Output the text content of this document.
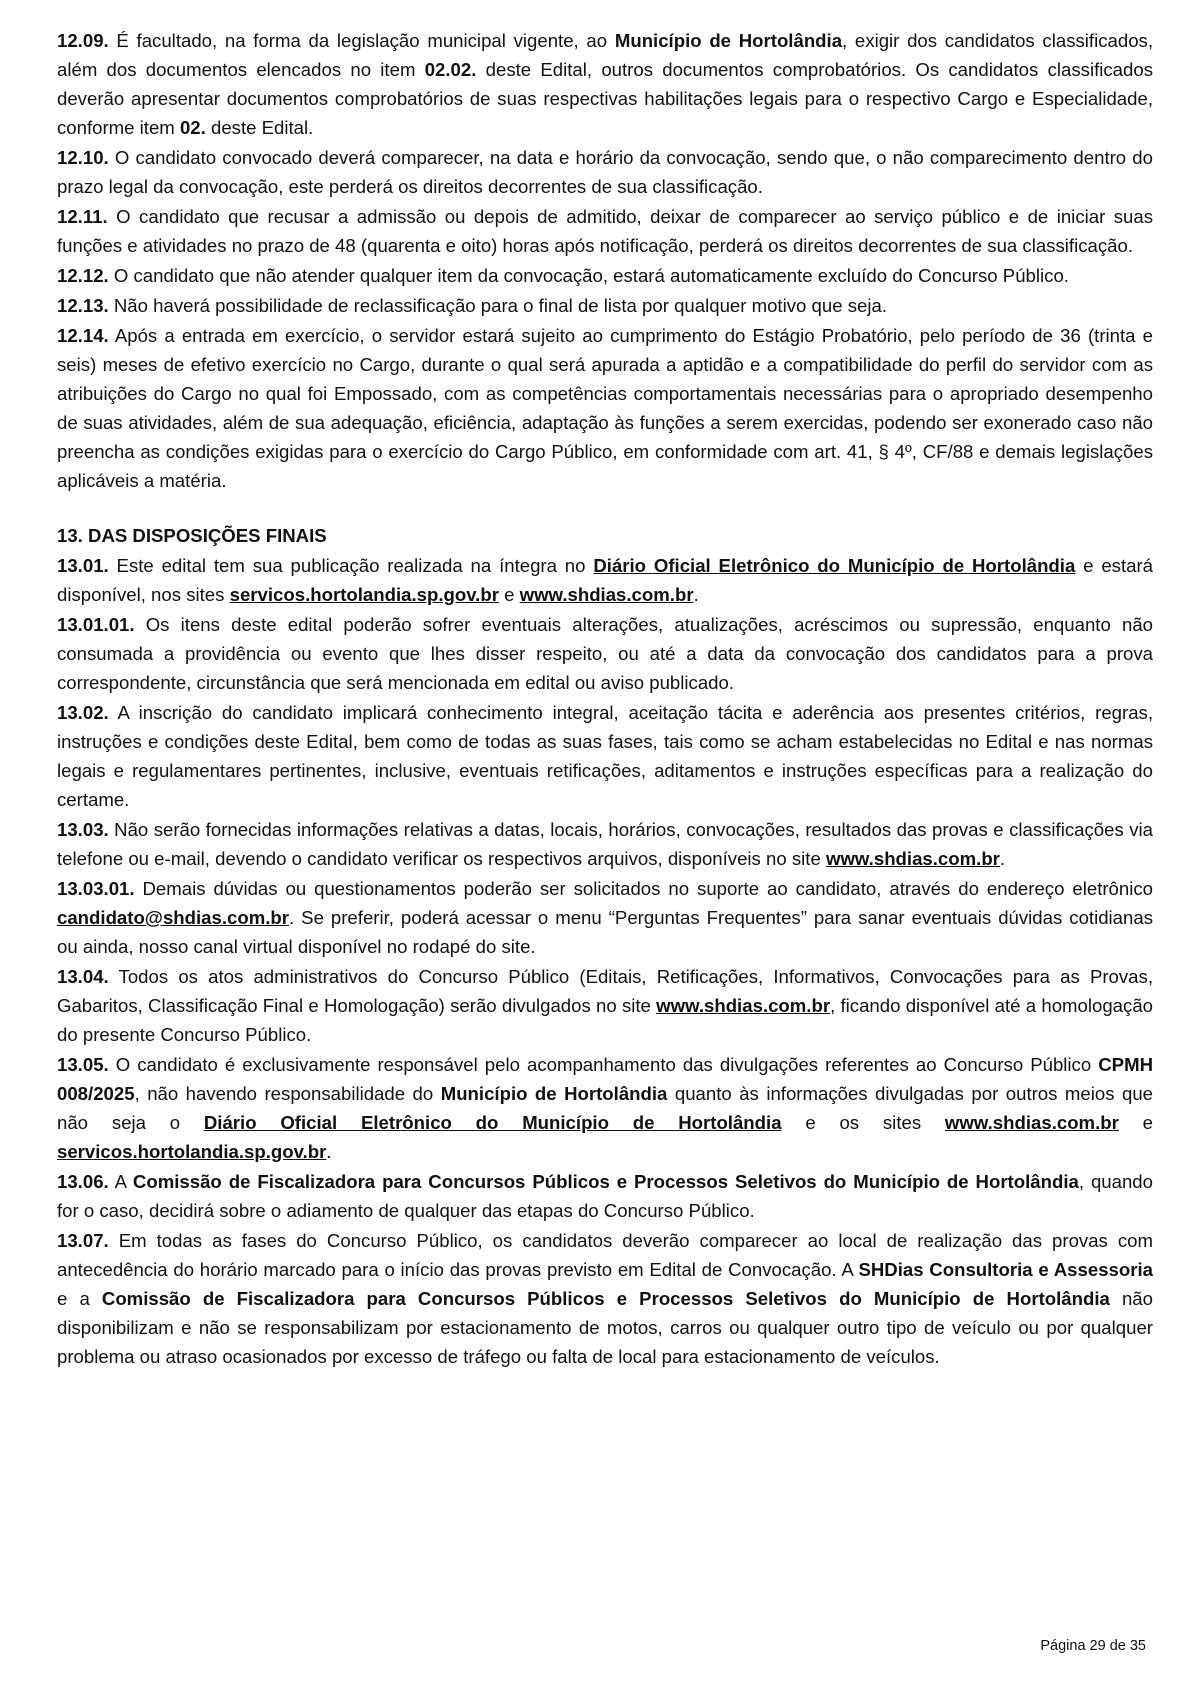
12.09. É facultado, na forma da legislação municipal vigente, ao Município de Hortolândia, exigir dos candidatos classificados, além dos documentos elencados no item 02.02. deste Edital, outros documentos comprobatórios. Os candidatos classificados deverão apresentar documentos comprobatórios de suas respectivas habilitações legais para o respectivo Cargo e Especialidade, conforme item 02. deste Edital.

12.10. O candidato convocado deverá comparecer, na data e horário da convocação, sendo que, o não comparecimento dentro do prazo legal da convocação, este perderá os direitos decorrentes de sua classificação.

12.11. O candidato que recusar a admissão ou depois de admitido, deixar de comparecer ao serviço público e de iniciar suas funções e atividades no prazo de 48 (quarenta e oito) horas após notificação, perderá os direitos decorrentes de sua classificação.

12.12. O candidato que não atender qualquer item da convocação, estará automaticamente excluído do Concurso Público.

12.13. Não haverá possibilidade de reclassificação para o final de lista por qualquer motivo que seja.

12.14. Após a entrada em exercício, o servidor estará sujeito ao cumprimento do Estágio Probatório, pelo período de 36 (trinta e seis) meses de efetivo exercício no Cargo, durante o qual será apurada a aptidão e a compatibilidade do perfil do servidor com as atribuições do Cargo no qual foi Empossado, com as competências comportamentais necessárias para o apropriado desempenho de suas atividades, além de sua adequação, eficiência, adaptação às funções a serem exercidas, podendo ser exonerado caso não preencha as condições exigidas para o exercício do Cargo Público, em conformidade com art. 41, § 4º, CF/88 e demais legislações aplicáveis a matéria.

13. DAS DISPOSIÇÕES FINAIS

13.01. Este edital tem sua publicação realizada na íntegra no Diário Oficial Eletrônico do Município de Hortolândia e estará disponível, nos sites servicos.hortolandia.sp.gov.br e www.shdias.com.br.

13.01.01. Os itens deste edital poderão sofrer eventuais alterações, atualizações, acréscimos ou supressão, enquanto não consumada a providência ou evento que lhes disser respeito, ou até a data da convocação dos candidatos para a prova correspondente, circunstância que será mencionada em edital ou aviso publicado.

13.02. A inscrição do candidato implicará conhecimento integral, aceitação tácita e aderência aos presentes critérios, regras, instruções e condições deste Edital, bem como de todas as suas fases, tais como se acham estabelecidas no Edital e nas normas legais e regulamentares pertinentes, inclusive, eventuais retificações, aditamentos e instruções específicas para a realização do certame.

13.03. Não serão fornecidas informações relativas a datas, locais, horários, convocações, resultados das provas e classificações via telefone ou e-mail, devendo o candidato verificar os respectivos arquivos, disponíveis no site www.shdias.com.br.

13.03.01. Demais dúvidas ou questionamentos poderão ser solicitados no suporte ao candidato, através do endereço eletrônico candidato@shdias.com.br. Se preferir, poderá acessar o menu “Perguntas Frequentes” para sanar eventuais dúvidas cotidianas ou ainda, nosso canal virtual disponível no rodapé do site.

13.04. Todos os atos administrativos do Concurso Público (Editais, Retificações, Informativos, Convocações para as Provas, Gabaritos, Classificação Final e Homologação) serão divulgados no site www.shdias.com.br, ficando disponível até a homologação do presente Concurso Público.

13.05. O candidato é exclusivamente responsável pelo acompanhamento das divulgações referentes ao Concurso Público CPMH 008/2025, não havendo responsabilidade do Município de Hortolândia quanto às informações divulgadas por outros meios que não seja o Diário Oficial Eletrônico do Município de Hortolândia e os sites www.shdias.com.br e servicos.hortolandia.sp.gov.br.

13.06. A Comissão de Fiscalizadora para Concursos Públicos e Processos Seletivos do Município de Hortolândia, quando for o caso, decidirá sobre o adiamento de qualquer das etapas do Concurso Público.

13.07. Em todas as fases do Concurso Público, os candidatos deverão comparecer ao local de realização das provas com antecedência do horário marcado para o início das provas previsto em Edital de Convocação. A SHDias Consultoria e Assessoria e a Comissão de Fiscalizadora para Concursos Públicos e Processos Seletivos do Município de Hortolândia não disponibilizam e não se responsabilizam por estacionamento de motos, carros ou qualquer outro tipo de veículo ou por qualquer problema ou atraso ocasionados por excesso de tráfego ou falta de local para estacionamento de veículos.

Página 29 de 35
